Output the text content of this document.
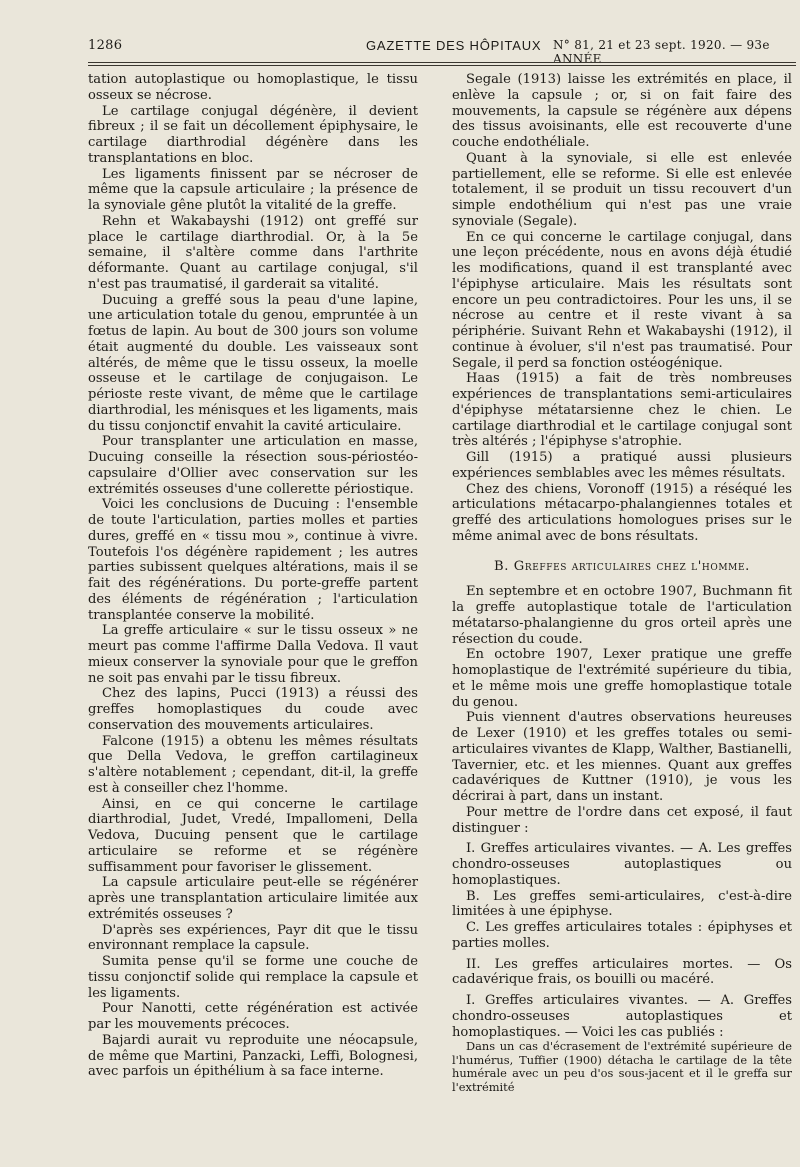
1286	GAZETTE DES HÔPITAUX N° 81, 21 et 23 sept. 1920. — 93e ANNÉE

tation autoplastique ou homoplastique, le tissu osseux se nécrose.

Le cartilage conjugal dégénère, il devient fibreux ; il se fait un décollement épiphysaire, le cartilage diarthrodial dégénère dans les transplantations en bloc.

Les ligaments finissent par se nécroser de même que la capsule articulaire ; la présence de la synoviale gêne plutôt la vitalité de la greffe.

Rehn et Wakabayshi (1912) ont greffé sur place le cartilage diarthrodial. Or, à la 5e semaine, il s'altère comme dans l'arthrite déformante. Quant au cartilage conjugal, s'il n'est pas traumatisé, il garderait sa vitalité.

Ducuing a greffé sous la peau d'une lapine, une articulation totale du genou, empruntée à un fœtus de lapin. Au bout de 300 jours son volume était augmenté du double. Les vaisseaux sont altérés, de même que le tissu osseux, la moelle osseuse et le cartilage de conjugaison. Le périoste reste vivant, de même que le cartilage diarthrodial, les ménisques et les ligaments, mais du tissu conjonctif envahit la cavité articulaire.

Pour transplanter une articulation en masse, Ducuing conseille la résection sous-périostéo-capsulaire d'Ollier avec conservation sur les extrémités osseuses d'une collerette périostique.

Voici les conclusions de Ducuing : l'ensemble de toute l'articulation, parties molles et parties dures, greffé en « tissu mou », continue à vivre. Toutefois l'os dégénère rapidement ; les autres parties subissent quelques altérations, mais il se fait des régénérations. Du porte-greffe partent des éléments de régénération ; l'articulation transplantée conserve la mobilité.

La greffe articulaire « sur le tissu osseux » ne meurt pas comme l'affirme Dalla Vedova. Il vaut mieux conserver la synoviale pour que le greffon ne soit pas envahi par le tissu fibreux.

Chez des lapins, Pucci (1913) a réussi des greffes homoplastiques du coude avec conservation des mouvements articulaires.

Falcone (1915) a obtenu les mêmes résultats que Della Vedova, le greffon cartilagineux s'altère notablement ; cependant, dit-il, la greffe est à conseiller chez l'homme.

Ainsi, en ce qui concerne le cartilage diarthrodial, Judet, Vredé, Impallomeni, Della Vedova, Ducuing pensent que le cartilage articulaire se reforme et se régénère suffisamment pour favoriser le glissement.

La capsule articulaire peut-elle se régénérer après une transplantation articulaire limitée aux extrémités osseuses ?

D'après ses expériences, Payr dit que le tissu environnant remplace la capsule.

Sumita pense qu'il se forme une couche de tissu conjonctif solide qui remplace la capsule et les ligaments.

Pour Nanotti, cette régénération est activée par les mouvements précoces.

Bajardi aurait vu reproduite une néocapsule, de même que Martini, Panzacki, Leffi, Bolognesi, avec parfois un épithélium à sa face interne.

Segale (1913) laisse les extrémités en place, il enlève la capsule ; or, si on fait faire des mouvements, la capsule se régénère aux dépens des tissus avoisinants, elle est recouverte d'une couche endothéliale.

Quant à la synoviale, si elle est enlevée partiellement, elle se reforme. Si elle est enlevée totalement, il se produit un tissu recouvert d'un simple endothélium qui n'est pas une vraie synoviale (Segale).

En ce qui concerne le cartilage conjugal, dans une leçon précédente, nous en avons déjà étudié les modifications, quand il est transplanté avec l'épiphyse articulaire. Mais les résultats sont encore un peu contradictoires. Pour les uns, il se nécrose au centre et il reste vivant à sa périphérie. Suivant Rehn et Wakabayshi (1912), il continue à évoluer, s'il n'est pas traumatisé. Pour Segale, il perd sa fonction ostéogénique.

Haas (1915) a fait de très nombreuses expériences de transplantations semi-articulaires d'épiphyse métatarsienne chez le chien. Le cartilage diarthrodial et le cartilage conjugal sont très altérés ; l'épiphyse s'atrophie.

Gill (1915) a pratiqué aussi plusieurs expériences semblables avec les mêmes résultats.

Chez des chiens, Voronoff (1915) a réséqué les articulations métacarpo-phalangiennes totales et greffé des articulations homologues prises sur le même animal avec de bons résultats.

B. Greffes articulaires chez l'homme.

En septembre et en octobre 1907, Buchmann fit la greffe autoplastique totale de l'articulation métatarso-phalangienne du gros orteil après une résection du coude.

En octobre 1907, Lexer pratique une greffe homoplastique de l'extrémité supérieure du tibia, et le même mois une greffe homoplastique totale du genou.

Puis viennent d'autres observations heureuses de Lexer (1910) et les greffes totales ou semi-articulaires vivantes de Klapp, Walther, Bastianelli, Tavernier, etc. et les miennes. Quant aux greffes cadavériques de Kuttner (1910), je vous les décrirai à part, dans un instant.

Pour mettre de l'ordre dans cet exposé, il faut distinguer :

I. Greffes articulaires vivantes. — A. Les greffes chondro-osseuses autoplastiques ou homoplastiques.

B. Les greffes semi-articulaires, c'est-à-dire limitées à une épiphyse.

C. Les greffes articulaires totales : épiphyses et parties molles.

II. Les greffes articulaires mortes. — Os cadavérique frais, os bouilli ou macéré.

I. Greffes articulaires vivantes. — A. Greffes chondro-osseuses autoplastiques et homoplastiques. — Voici les cas publiés :

Dans un cas d'écrasement de l'extrémité supérieure de l'humérus, Tuffier (1900) détacha le cartilage de la tête humérale avec un peu d'os sous-jacent et il le greffa sur l'extrémité
